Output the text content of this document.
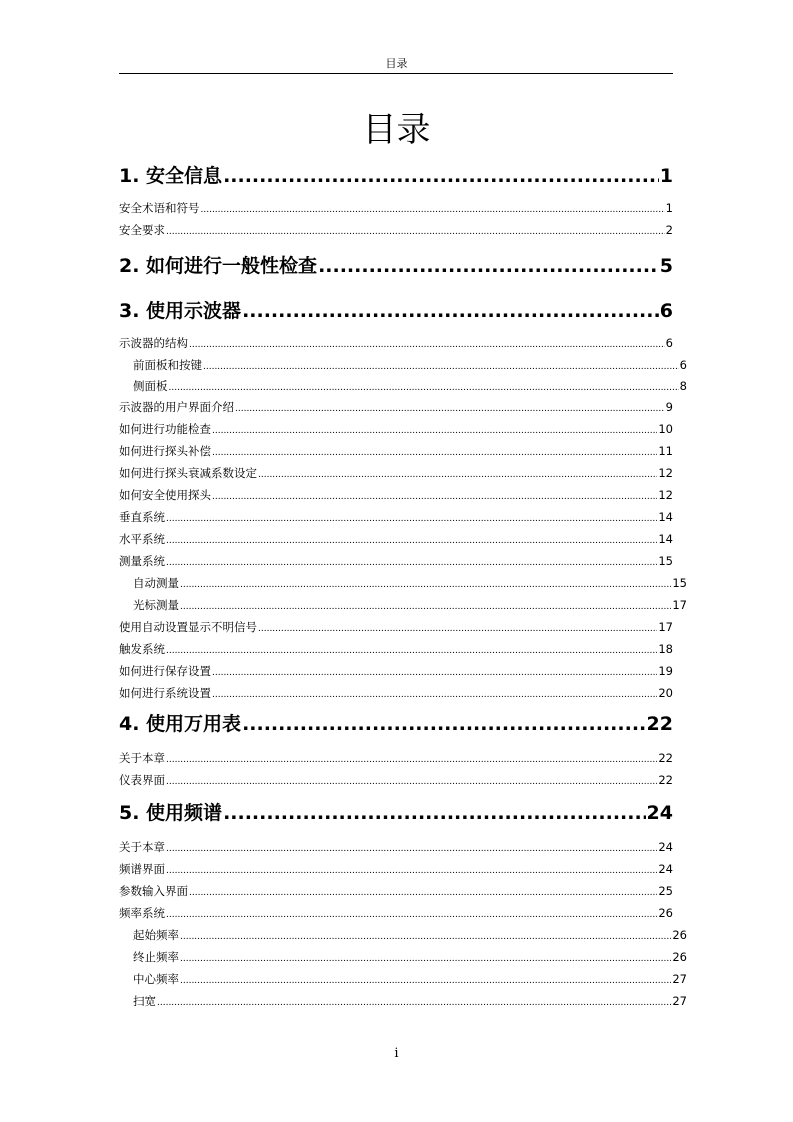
目录
目录
1. 安全信息 .....	1
安全术语和符号 .....	1
安全要求 .....	2
2. 如何进行一般性检查 .....	5
3. 使用示波器 .....	6
示波器的结构 .....	6
前面板和按键 .....	6
侧面板 .....	8
示波器的用户界面介绍 .....	9
如何进行功能检查 .....	10
如何进行探头补偿 .....	11
如何进行探头衰减系数设定 .....	12
如何安全使用探头 .....	12
垂直系统 .....	14
水平系统 .....	14
测量系统 .....	15
自动测量 .....	15
光标测量 .....	17
使用自动设置显示不明信号 .....	17
触发系统 .....	18
如何进行保存设置 .....	19
如何进行系统设置 .....	20
4. 使用万用表 .....	22
关于本章 .....	22
仪表界面 .....	22
5. 使用频谱 .....	24
关于本章 .....	24
频谱界面 .....	24
参数输入界面 .....	25
频率系统 .....	26
起始频率 .....	26
终止频率 .....	26
中心频率 .....	27
扫宽 .....	27
i
